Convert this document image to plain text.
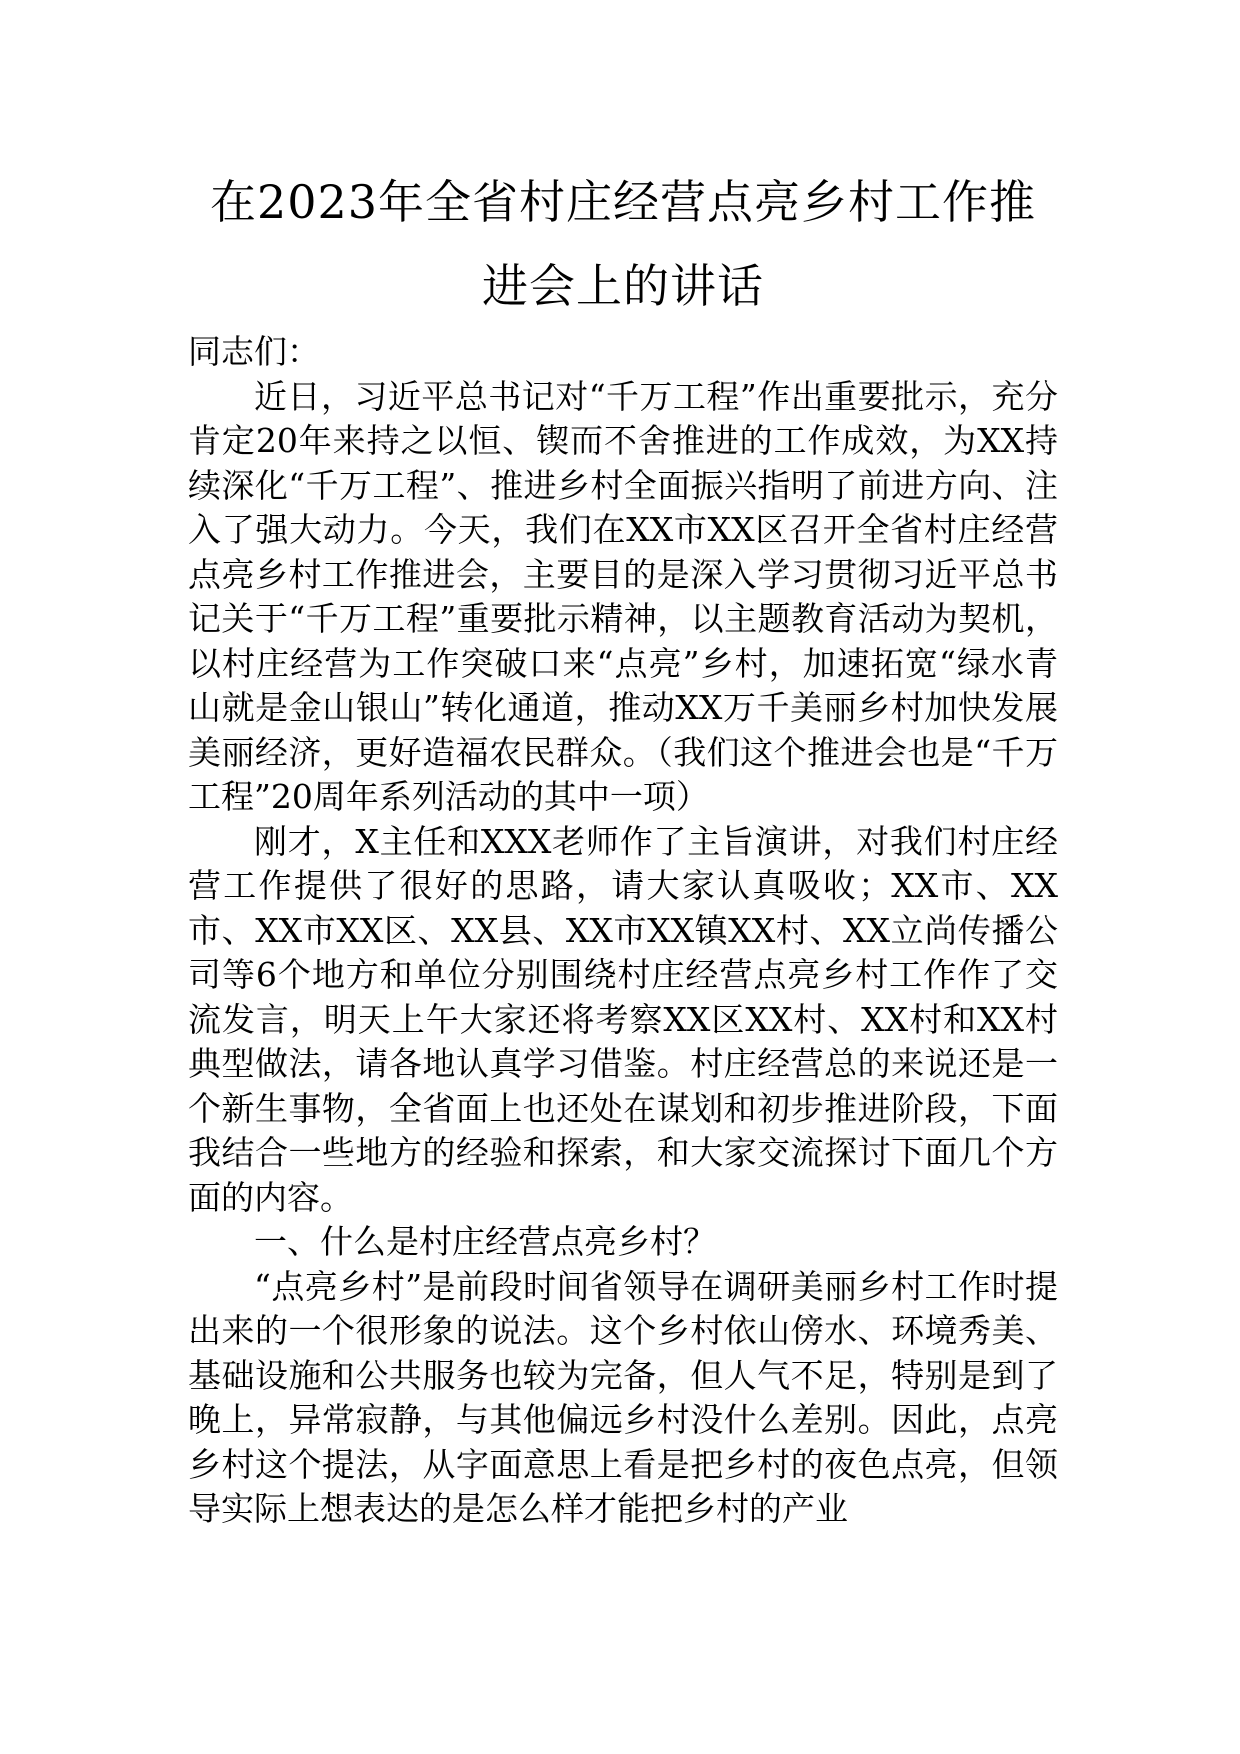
在2023年全省村庄经营点亮乡村工作推进会上的讲话

同志们：

近日，习近平总书记对“千万工程”作出重要批示，充分肯定20年来持之以恒、锲而不舍推进的工作成效，为XX持续深化“千万工程”、推进乡村全面振兴指明了前进方向、注入了强大动力。今天，我们在XX市XX区召开全省村庄经营点亮乡村工作推进会，主要目的是深入学习贯彻习近平总书记关于“千万工程”重要批示精神，以主题教育活动为契机，以村庄经营为工作突破口来“点亮”乡村，加速拓宽“绿水青山就是金山银山”转化通道，推动XX万千美丽乡村加快发展美丽经济，更好造福农民群众。（我们这个推进会也是“千万工程”20周年系列活动的其中一项）

刚才，X主任和XXX老师作了主旨演讲，对我们村庄经营工作提供了很好的思路，请大家认真吸收；XX市、XX市、XX市XX区、XX县、XX市XX镇XX村、XX立尚传播公司等6个地方和单位分别围绕村庄经营点亮乡村工作作了交流发言，明天上午大家还将考察XX区XX村、XX村和XX村典型做法，请各地认真学习借鉴。村庄经营总的来说还是一个新生事物，全省面上也还处在谋划和初步推进阶段，下面我结合一些地方的经验和探索，和大家交流探讨下面几个方面的内容。

一、什么是村庄经营点亮乡村？

“点亮乡村”是前段时间省领导在调研美丽乡村工作时提出来的一个很形象的说法。这个乡村依山傍水、环境秀美、基础设施和公共服务也较为完备，但人气不足，特别是到了晚上，异常寂静，与其他偏远乡村没什么差别。因此，点亮乡村这个提法，从字面意思上看是把乡村的夜色点亮，但领导实际上想表达的是怎么样才能把乡村的产业
